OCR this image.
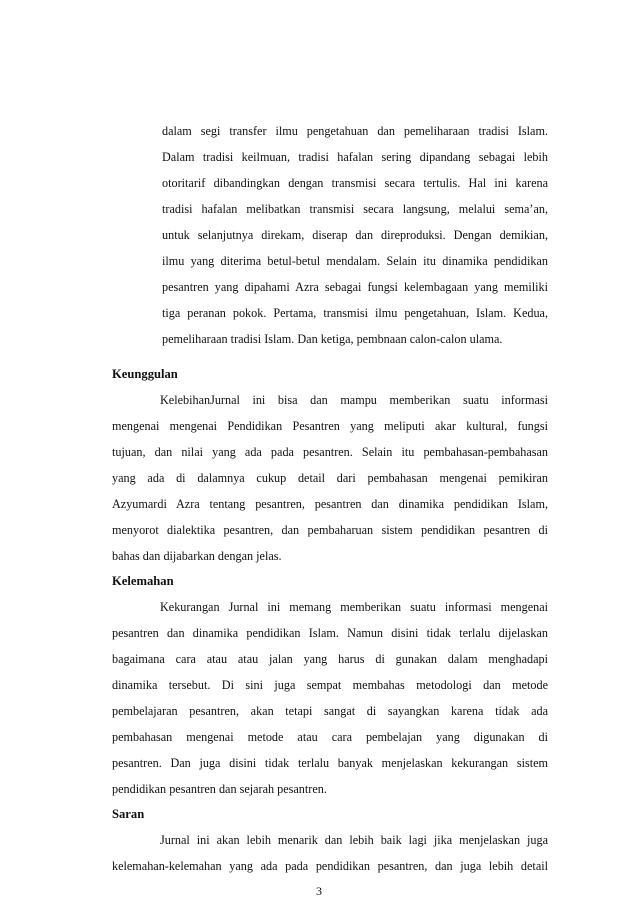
dalam segi transfer ilmu pengetahuan dan pemeliharaan tradisi Islam.
Dalam tradisi keilmuan, tradisi hafalan sering dipandang sebagai lebih
otoritarif dibandingkan dengan transmisi secara tertulis. Hal ini karena
tradisi hafalan melibatkan transmisi secara langsung, melalui sema’an,
untuk selanjutnya direkam, diserap dan direproduksi. Dengan demikian,
ilmu yang diterima betul-betul mendalam. Selain itu dinamika pendidikan
pesantren yang dipahami Azra sebagai fungsi kelembagaan yang memiliki
tiga peranan pokok. Pertama, transmisi ilmu pengetahuan, Islam. Kedua,
pemeliharaan tradisi Islam. Dan ketiga, pembnaan calon-calon ulama.
Keunggulan
KelebihanJurnal ini bisa dan mampu memberikan suatu informasi
mengenai mengenai Pendidikan Pesantren yang meliputi akar kultural, fungsi
tujuan, dan nilai yang ada pada pesantren. Selain itu pembahasan-pembahasan
yang ada di dalamnya cukup detail dari pembahasan mengenai pemikiran
Azyumardi Azra tentang pesantren, pesantren dan dinamika pendidikan Islam,
menyorot dialektika pesantren, dan pembaharuan sistem pendidikan pesantren di
bahas dan dijabarkan dengan jelas.
Kelemahan
Kekurangan Jurnal ini memang memberikan suatu informasi mengenai
pesantren dan dinamika pendidikan Islam. Namun disini tidak terlalu dijelaskan
bagaimana cara atau atau jalan yang harus di gunakan dalam menghadapi
dinamika tersebut. Di sini juga sempat membahas metodologi dan metode
pembelajaran pesantren, akan tetapi sangat di sayangkan karena tidak ada
pembahasan mengenai metode atau cara pembelajan yang digunakan di
pesantren. Dan juga disini tidak terlalu banyak menjelaskan kekurangan sistem
pendidikan pesantren dan sejarah pesantren.
Saran
Jurnal ini akan lebih menarik dan lebih baik lagi jika menjelaskan juga
kelemahan-kelemahan yang ada pada pendidikan pesantren, dan juga lebih detail
3
